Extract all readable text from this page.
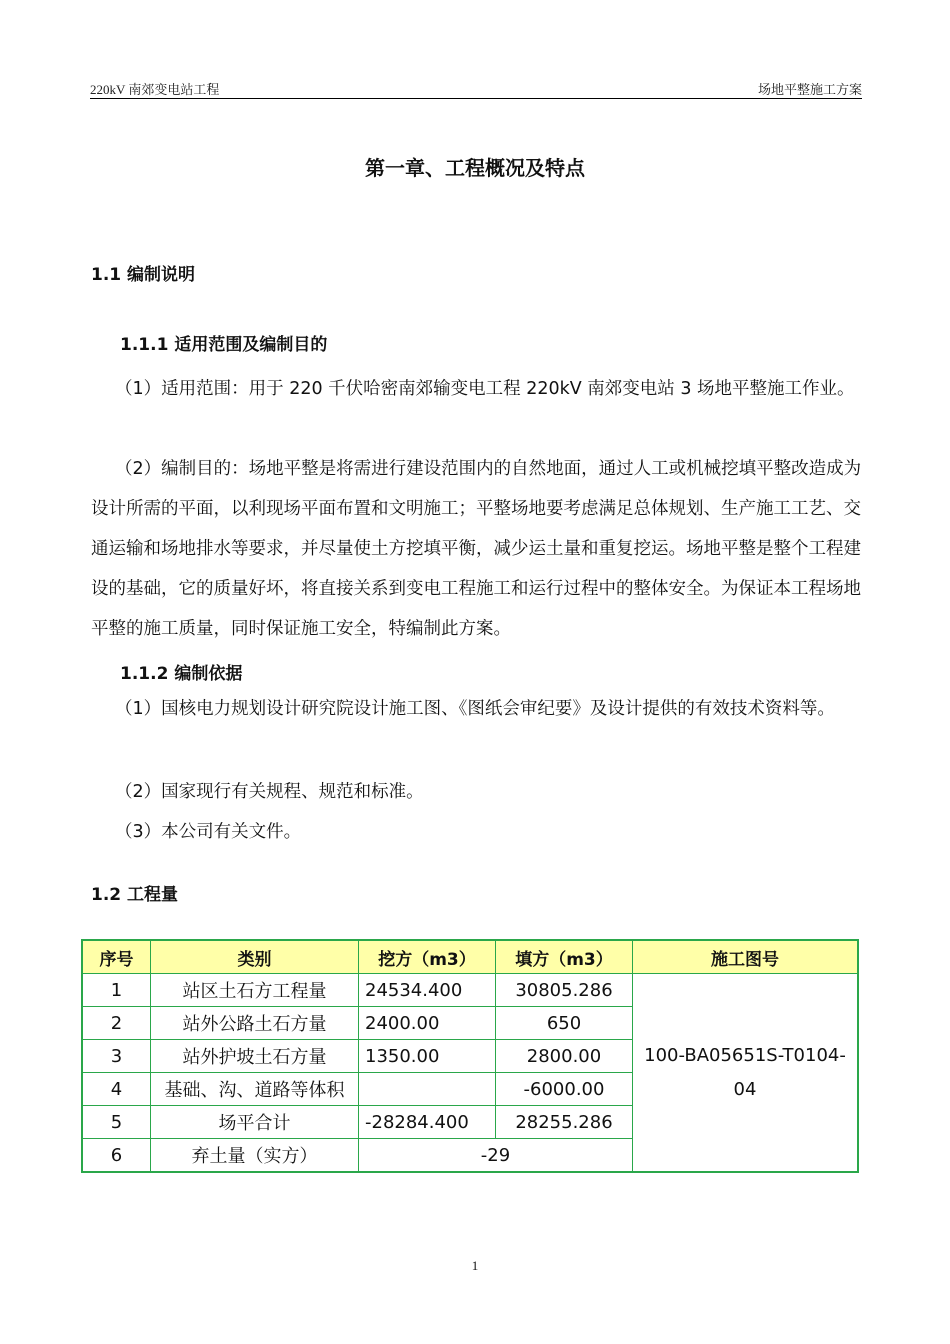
220kV 南郊变电站工程	场地平整施工方案
第一章、工程概况及特点
1.1 编制说明
1.1.1 适用范围及编制目的
（1）适用范围：用于 220 千伏哈密南郊输变电工程 220kV 南郊变电站 3 场地平整施工作业。
（2）编制目的：场地平整是将需进行建设范围内的自然地面，通过人工或机械挖填平整改造成为设计所需的平面，以利现场平面布置和文明施工；平整场地要考虑满足总体规划、生产施工工艺、交通运输和场地排水等要求，并尽量使土方挖填平衡，减少运土量和重复挖运。场地平整是整个工程建设的基础，它的质量好坏，将直接关系到变电工程施工和运行过程中的整体安全。为保证本工程场地平整的施工质量，同时保证施工安全，特编制此方案。
1.1.2 编制依据
（1）国核电力规划设计研究院设计施工图、《图纸会审纪要》及设计提供的有效技术资料等。
（2）国家现行有关规程、规范和标准。
（3）本公司有关文件。
1.2 工程量
序号	类别	挖方（m3）	填方（m3）	施工图号
1	站区土石方工程量	24534.400	30805.286	100-BA05651S-T0104-04
2	站外公路土石方量	2400.00	650	
3	站外护坡土石方量	1350.00	2800.00	
4	基础、沟、道路等体积		-6000.00	
5	场平合计	-28284.400	28255.286	
6	弃土量（实方）	-29		
1
